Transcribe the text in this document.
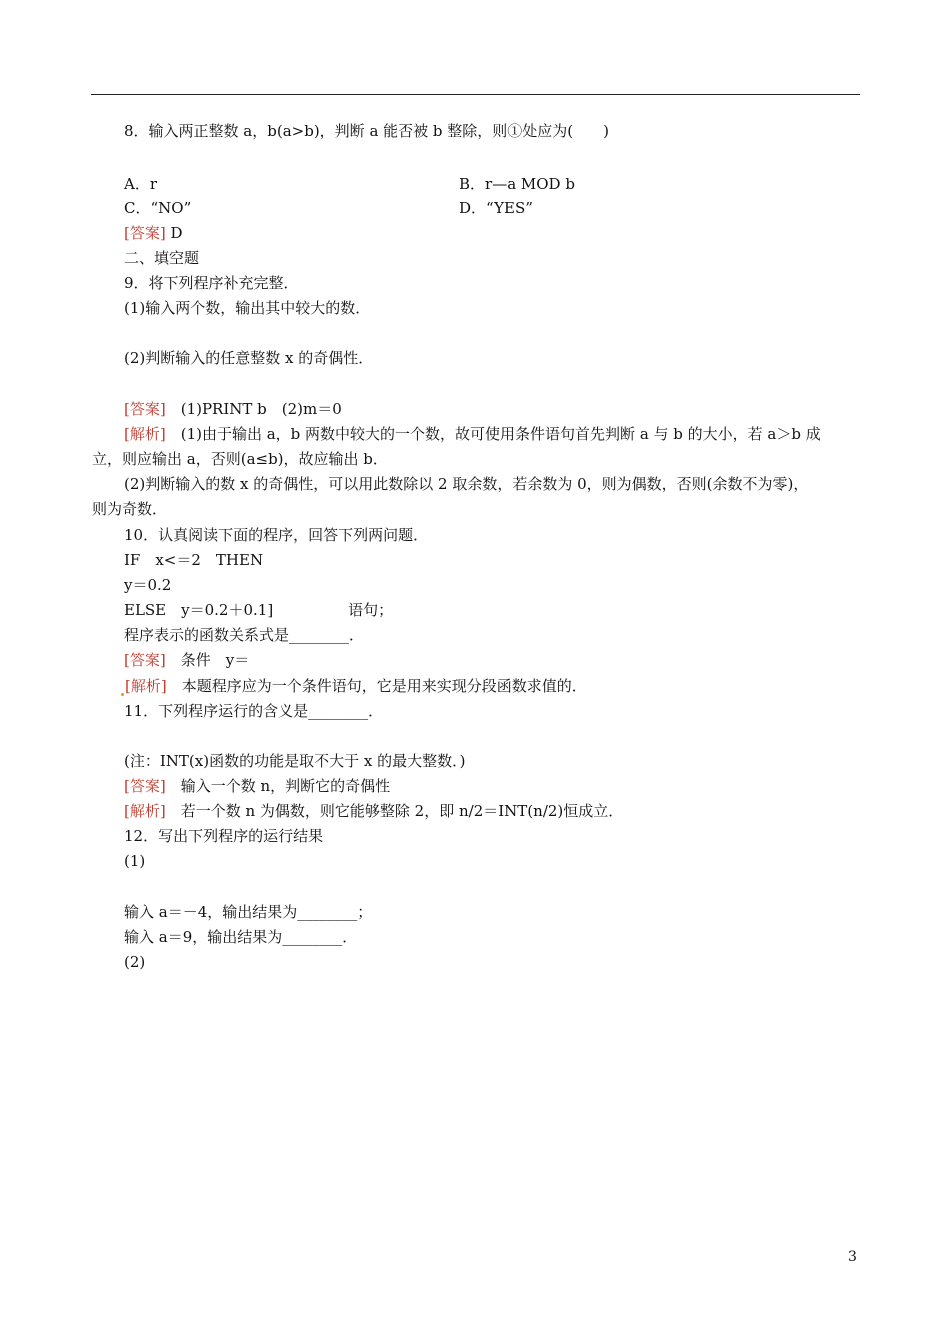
8．输入两正整数 a，b(a>b)，判断 a 能否被 b 整除，则①处应为(　　)
A．r	B．r—a MOD b
C．“NO”	D．“YES”
[答案] D
二、填空题
9．将下列程序补充完整．
(1)输入两个数，输出其中较大的数．
(2)判断输入的任意整数 x 的奇偶性．
[答案]　(1)PRINT b　(2)m＝0
[解析]　(1)由于输出 a，b 两数中较大的一个数，故可使用条件语句首先判断 a 与 b 的大小，若 a＞b 成
立，则应输出 a，否则(a≤b)，故应输出 b．
(2)判断输入的数 x 的奇偶性，可以用此数除以 2 取余数，若余数为 0，则为偶数，否则(余数不为零)，
则为奇数．
10．认真阅读下面的程序，回答下列两问题．
IF　x<＝2　THEN
y＝0.2
ELSE　y＝0.2＋0.1]　　　　　语句；
程序表示的函数关系式是________．
[答案]　条件　y＝
[解析]　本题程序应为一个条件语句，它是用来实现分段函数求值的．
11．下列程序运行的含义是________．
(注：INT(x)函数的功能是取不大于 x 的最大整数．)
[答案]　输入一个数 n，判断它的奇偶性
[解析]　若一个数 n 为偶数，则它能够整除 2，即 n/2＝INT(n/2)恒成立．
12．写出下列程序的运行结果
(1)
输入 a＝－4，输出结果为________；
输入 a＝9，输出结果为________．
(2)
3
